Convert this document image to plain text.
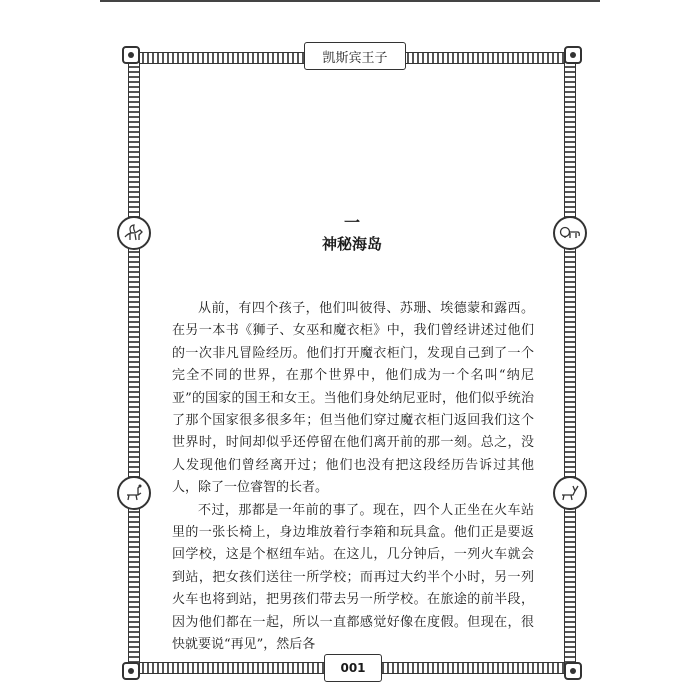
凯斯宾王子
一
神秘海岛

从前，有四个孩子，他们叫彼得、苏珊、埃德蒙和露西。在另一本书《狮子、女巫和魔衣柜》中，我们曾经讲述过他们的一次非凡冒险经历。他们打开魔衣柜门，发现自己到了一个完全不同的世界，在那个世界中，他们成为一个名叫“纳尼亚”的国家的国王和女王。当他们身处纳尼亚时，他们似乎统治了那个国家很多很多年；但当他们穿过魔衣柜门返回我们这个世界时，时间却似乎还停留在他们离开前的那一刻。总之，没人发现他们曾经离开过；他们也没有把这段经历告诉过其他人，除了一位睿智的长者。

不过，那都是一年前的事了。现在，四个人正坐在火车站里的一张长椅上，身边堆放着行李箱和玩具盒。他们正是要返回学校，这是个枢纽车站。在这儿，几分钟后，一列火车就会到站，把女孩们送往一所学校；而再过大约半个小时，另一列火车也将到站，把男孩们带去另一所学校。在旅途的前半段，因为他们都在一起，所以一直都感觉好像在度假。但现在，很快就要说“再见”，然后各

001
